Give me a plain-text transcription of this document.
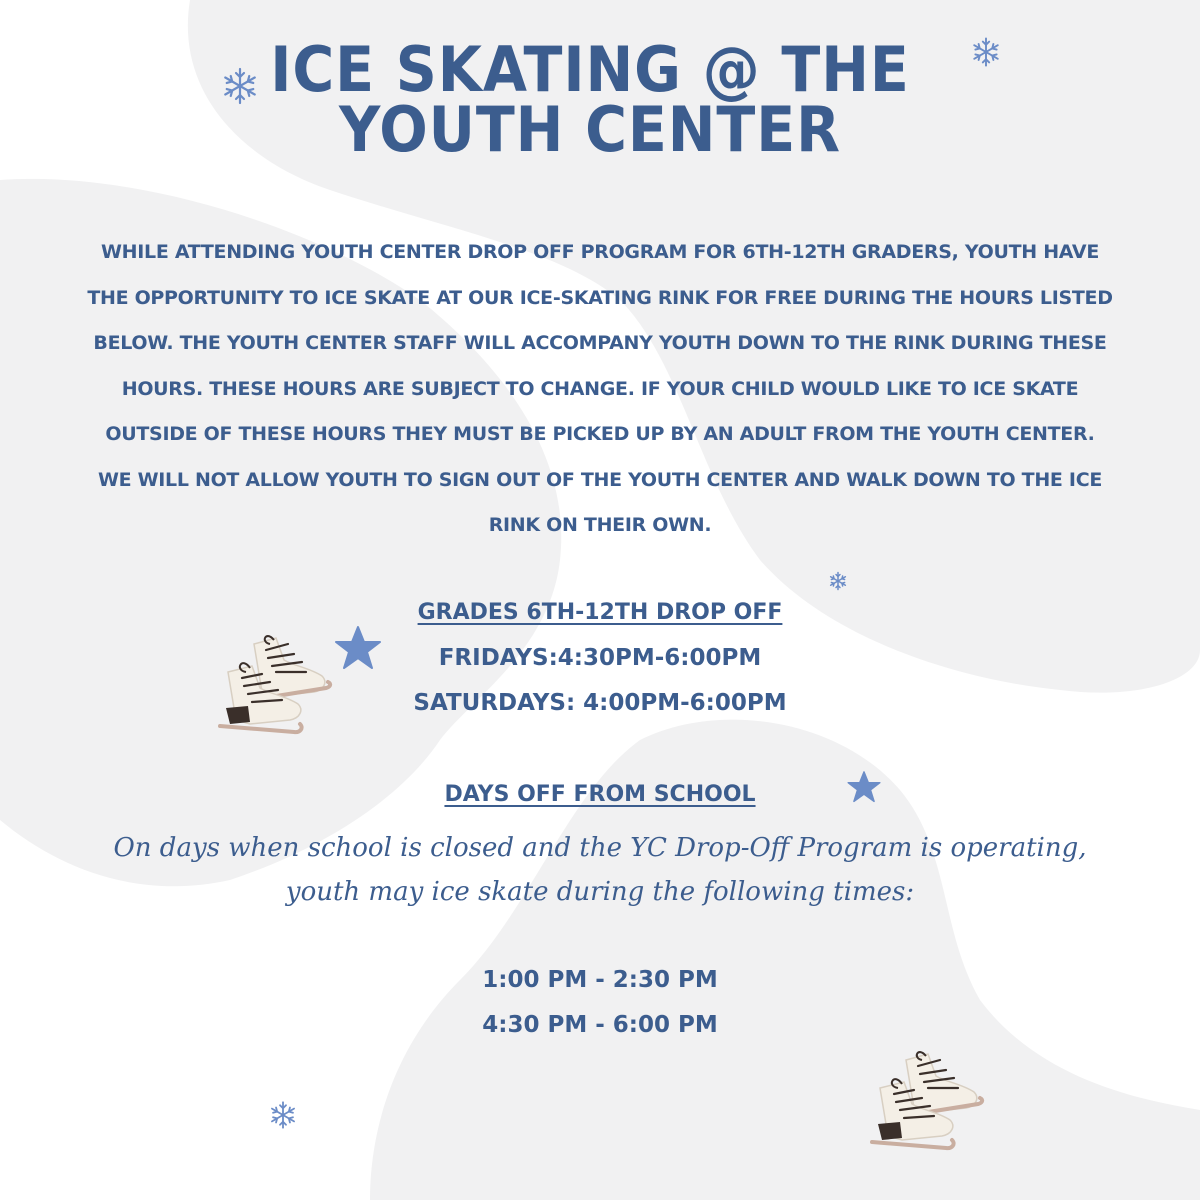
ICE SKATING @ THE
YOUTH CENTER

WHILE ATTENDING YOUTH CENTER DROP OFF PROGRAM FOR 6TH-12TH GRADERS, YOUTH HAVE
THE OPPORTUNITY TO ICE SKATE AT OUR ICE-SKATING RINK FOR FREE DURING THE HOURS LISTED
BELOW. THE YOUTH CENTER STAFF WILL ACCOMPANY YOUTH DOWN TO THE RINK DURING THESE
HOURS. THESE HOURS ARE SUBJECT TO CHANGE. IF YOUR CHILD WOULD LIKE TO ICE SKATE
OUTSIDE OF THESE HOURS THEY MUST BE PICKED UP BY AN ADULT FROM THE YOUTH CENTER.
WE WILL NOT ALLOW YOUTH TO SIGN OUT OF THE YOUTH CENTER AND WALK DOWN TO THE ICE
RINK ON THEIR OWN.

GRADES 6TH-12TH DROP OFF
FRIDAYS:4:30PM-6:00PM
SATURDAYS: 4:00PM-6:00PM
DAYS OFF FROM SCHOOL

On days when school is closed and the YC Drop-Off Program is operating,
youth may ice skate during the following times:

1:00 PM - 2:30 PM
4:30 PM - 6:00 PM
